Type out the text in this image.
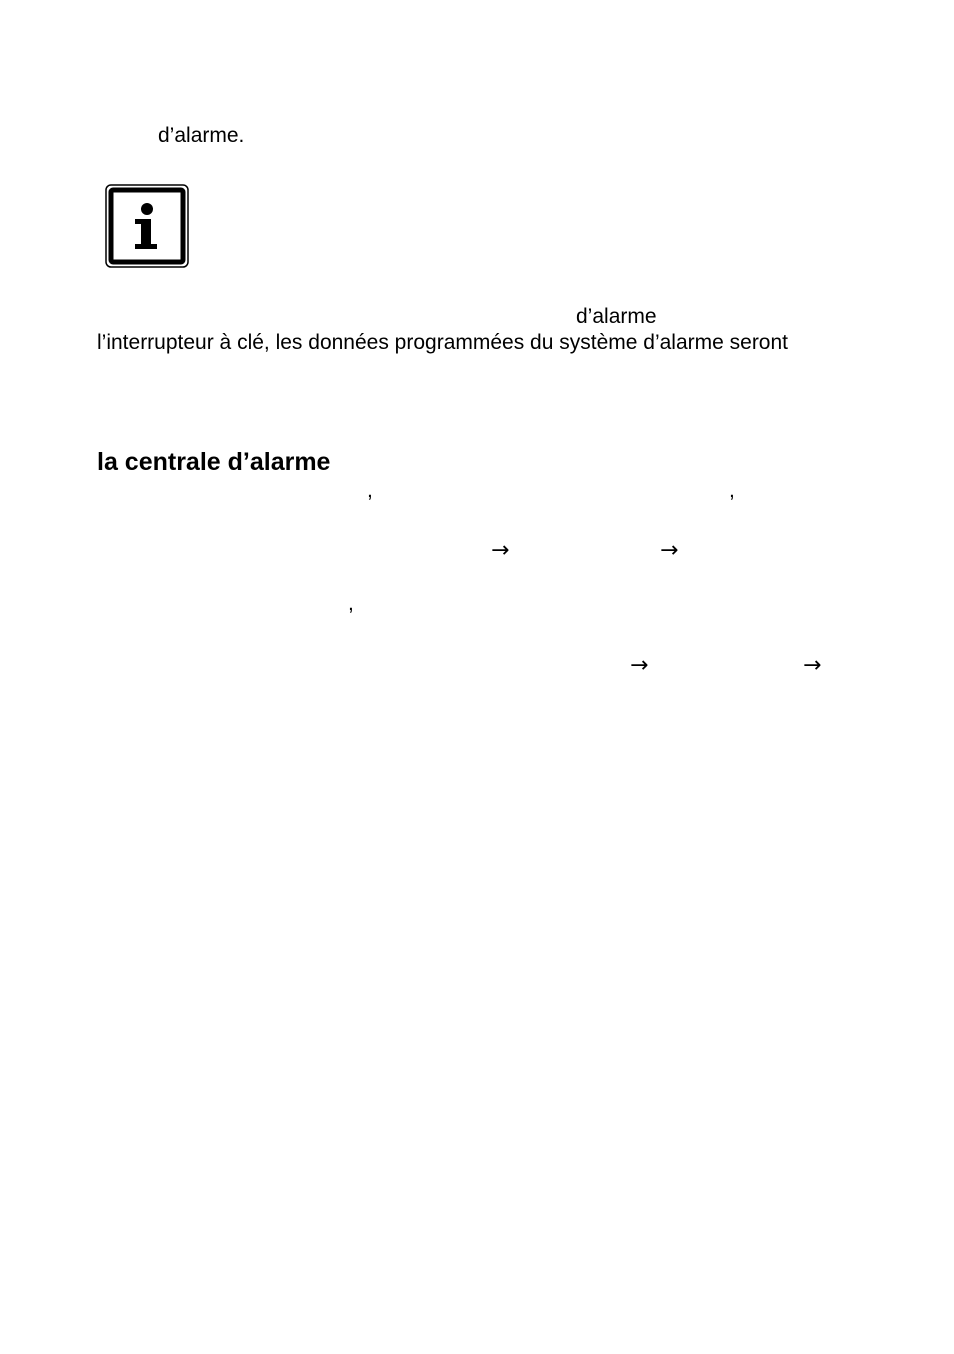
d’alarme.
d’alarme
l’interrupteur à clé, les données programmées du système d’alarme seront
la centrale d’alarme
,	,
→	→
,
→	→
